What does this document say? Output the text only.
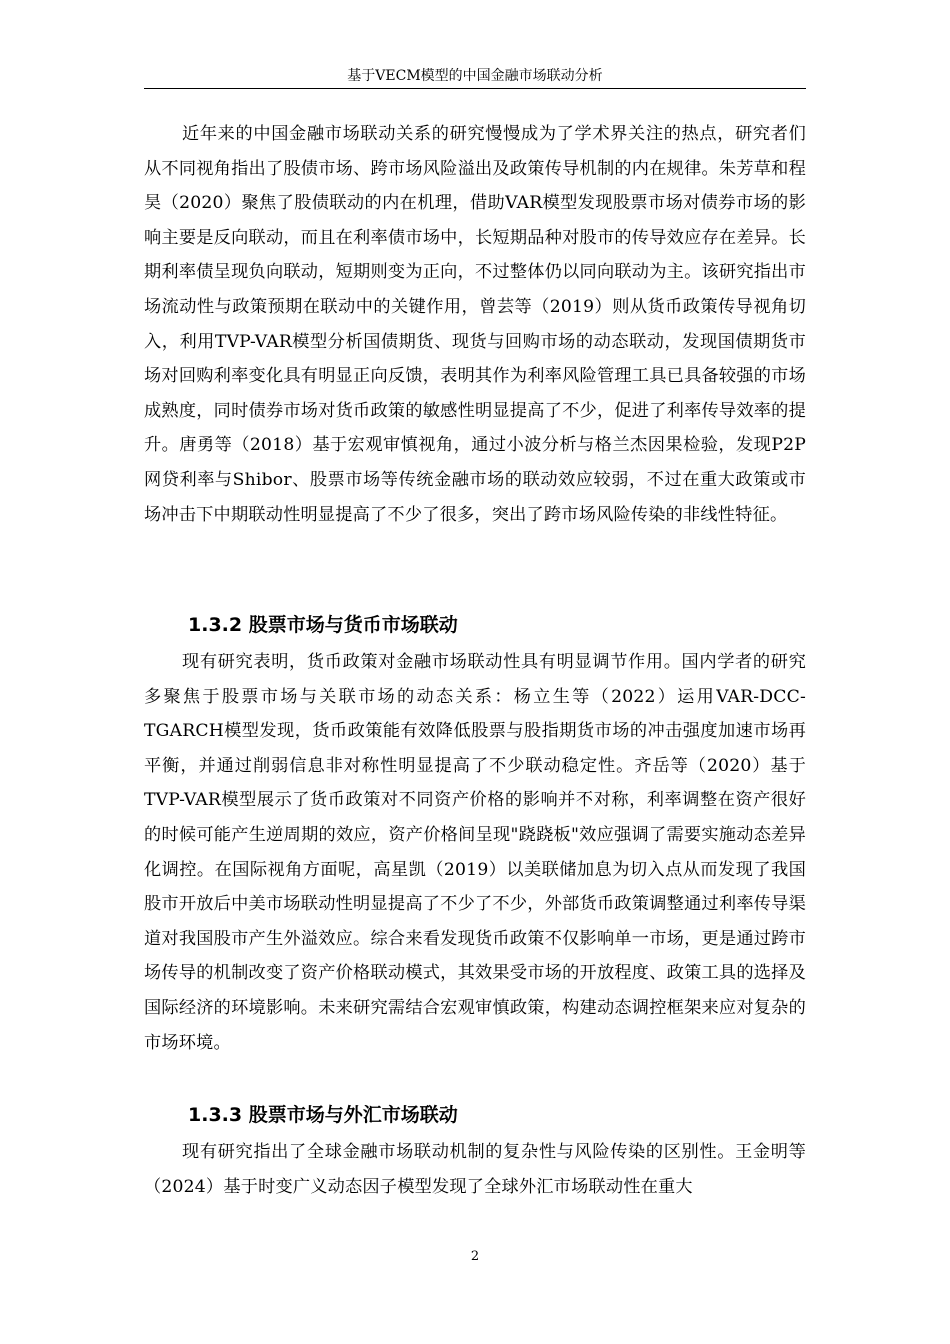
基于VECM模型的中国金融市场联动分析

近年来的中国金融市场联动关系的研究慢慢成为了学术界关注的热点，研究者们从不同视角指出了股债市场、跨市场风险溢出及政策传导机制的内在规律。朱芳草和程昊（2020）聚焦了股债联动的内在机理，借助VAR模型发现股票市场对债券市场的影响主要是反向联动，而且在利率债市场中，长短期品种对股市的传导效应存在差异。长期利率债呈现负向联动，短期则变为正向，不过整体仍以同向联动为主。该研究指出市场流动性与政策预期在联动中的关键作用，曾芸等（2019）则从货币政策传导视角切入，利用TVP-VAR模型分析国债期货、现货与回购市场的动态联动，发现国债期货市场对回购利率变化具有明显正向反馈，表明其作为利率风险管理工具已具备较强的市场成熟度，同时债券市场对货币政策的敏感性明显提高了不少，促进了利率传导效率的提升。唐勇等（2018）基于宏观审慎视角，通过小波分析与格兰杰因果检验，发现P2P网贷利率与Shibor、股票市场等传统金融市场的联动效应较弱，不过在重大政策或市场冲击下中期联动性明显提高了不少了很多，突出了跨市场风险传染的非线性特征。

1.3.2 股票市场与货币市场联动

现有研究表明，货币政策对金融市场联动性具有明显调节作用。国内学者的研究多聚焦于股票市场与关联市场的动态关系：杨立生等（2022）运用VAR-DCC-TGARCH模型发现，货币政策能有效降低股票与股指期货市场的冲击强度加速市场再平衡，并通过削弱信息非对称性明显提高了不少联动稳定性。齐岳等（2020）基于TVP-VAR模型展示了货币政策对不同资产价格的影响并不对称，利率调整在资产很好的时候可能产生逆周期的效应，资产价格间呈现"跷跷板"效应强调了需要实施动态差异化调控。在国际视角方面呢，高星凯（2019）以美联储加息为切入点从而发现了我国股市开放后中美市场联动性明显提高了不少了不少，外部货币政策调整通过利率传导渠道对我国股市产生外溢效应。综合来看发现货币政策不仅影响单一市场，更是通过跨市场传导的机制改变了资产价格联动模式，其效果受市场的开放程度、政策工具的选择及国际经济的环境影响。未来研究需结合宏观审慎政策，构建动态调控框架来应对复杂的市场环境。

1.3.3 股票市场与外汇市场联动

现有研究指出了全球金融市场联动机制的复杂性与风险传染的区别性。王金明等（2024）基于时变广义动态因子模型发现了全球外汇市场联动性在重大

2
